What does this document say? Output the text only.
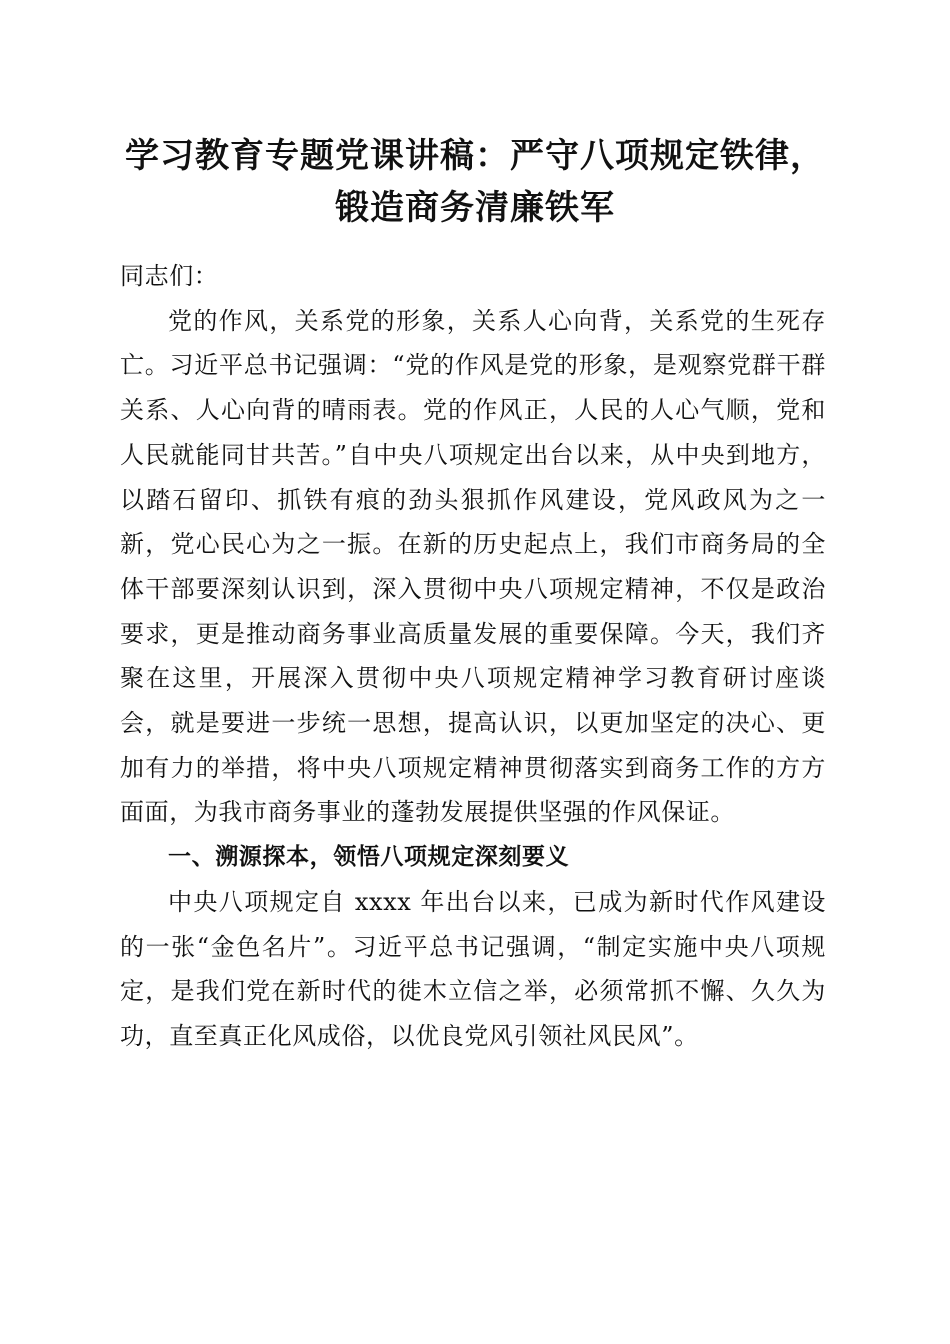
学习教育专题党课讲稿：严守八项规定铁律，
锻造商务清廉铁军

同志们：

党的作风，关系党的形象，关系人心向背，关系党的生死存亡。习近平总书记强调：“党的作风是党的形象，是观察党群干群关系、人心向背的晴雨表。党的作风正，人民的人心气顺，党和人民就能同甘共苦。”自中央八项规定出台以来，从中央到地方，以踏石留印、抓铁有痕的劲头狠抓作风建设，党风政风为之一新，党心民心为之一振。在新的历史起点上，我们市商务局的全体干部要深刻认识到，深入贯彻中央八项规定精神，不仅是政治要求，更是推动商务事业高质量发展的重要保障。今天，我们齐聚在这里，开展深入贯彻中央八项规定精神学习教育研讨座谈会，就是要进一步统一思想，提高认识，以更加坚定的决心、更加有力的举措，将中央八项规定精神贯彻落实到商务工作的方方面面，为我市商务事业的蓬勃发展提供坚强的作风保证。

一、溯源探本，领悟八项规定深刻要义

中央八项规定自 xxxx 年出台以来，已成为新时代作风建设的一张“金色名片”。习近平总书记强调，“制定实施中央八项规定，是我们党在新时代的徙木立信之举，必须常抓不懈、久久为功，直至真正化风成俗，以优良党风引领社风民风”。
